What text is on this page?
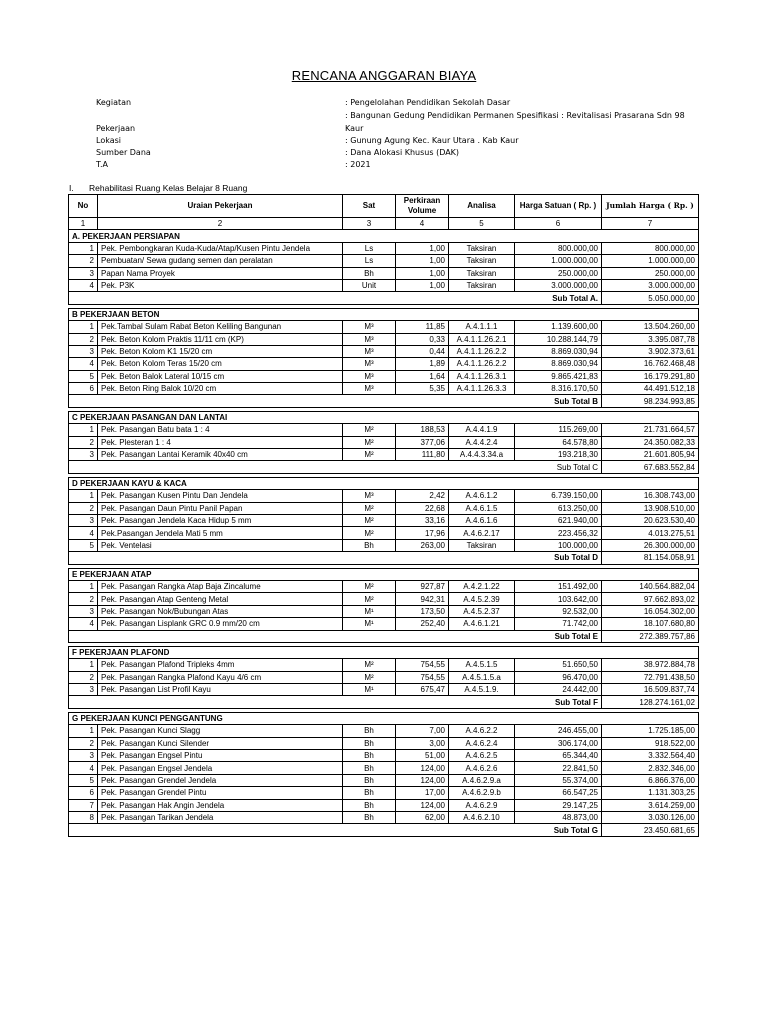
RENCANA ANGGARAN BIAYA
Kegiatan	: Pengelolahan Pendidikan Sekolah Dasar
: Bangunan Gedung Pendidikan Permanen Spesifikasi : Revitalisasi Prasarana Sdn 98
Pekerjaan	Kaur
Lokasi	: Gunung Agung Kec. Kaur Utara . Kab Kaur
Sumber Dana	: Dana Alokasi Khusus (DAK)
T.A	: 2021
I. Rehabilitasi Ruang Kelas Belajar 8 Ruang
No	Uraian Pekerjaan	Sat	Perkiraan Volume	Analisa	Harga Satuan ( Rp. )	Jumlah Harga ( Rp. )
1	2	3	4	5	6	7
A. PEKERJAAN PERSIAPAN						
1	Pek. Pembongkaran Kuda-Kuda/Atap/Kusen Pintu Jendela	Ls	1,00	Taksiran	800.000,00	800.000,00
2	Pembuatan/ Sewa gudang semen dan peralatan	Ls	1,00	Taksiran	1.000.000,00	1.000.000,00
3	Papan Nama Proyek	Bh	1,00	Taksiran	250.000,00	250.000,00
4	Pek. P3K	Unit	1,00	Taksiran	3.000.000,00	3.000.000,00
Sub Total A.						5.050.000,00

B PEKERJAAN BETON						
1	Pek.Tambal Sulam Rabat Beton Keliling Bangunan	M³	11,85	A.4.1.1.1	1.139.600,00	13.504.260,00
2	Pek. Beton Kolom Praktis 11/11 cm (KP)	M³	0,33	A.4.1.1.26.2.1	10.288.144,79	3.395.087,78
3	Pek. Beton Kolom K1 15/20 cm	M³	0,44	A.4.1.1.26.2.2	8.869.030,94	3.902.373,61
4	Pek. Beton Kolom Teras 15/20 cm	M³	1,89	A.4.1.1.26.2.2	8.869.030,94	16.762.468,48
5	Pek. Beton Balok Lateral 10/15 cm	M³	1,64	A.4.1.1.26.3.1	9.865.421,83	16.179.291,80
6	Pek. Beton Ring Balok 10/20 cm	M³	5,35	A.4.1.1.26.3.3	8.316.170,50	44.491.512,18
Sub Total B						98.234.993,85

C PEKERJAAN PASANGAN DAN LANTAI						
1	Pek. Pasangan Batu bata 1 : 4	M²	188,53	A.4.4.1.9	115.269,00	21.731.664,57
2	Pek. Plesteran 1 : 4	M²	377,06	A.4.4.2.4	64.578,80	24.350.082,33
3	Pek. Pasangan Lantai Keramik 40x40 cm	M²	111,80	A.4.4.3.34.a	193.218,30	21.601.805,94
Sub Total C						67.683.552,84

D PEKERJAAN KAYU & KACA						
1	Pek. Pasangan Kusen Pintu Dan Jendela	M³	2,42	A.4.6.1.2	6.739.150,00	16.308.743,00
2	Pek. Pasangan Daun Pintu Panil Papan	M²	22,68	A.4.6.1.5	613.250,00	13.908.510,00
3	Pek. Pasangan Jendela Kaca Hidup 5 mm	M²	33,16	A.4.6.1.6	621.940,00	20.623.530,40
4	Pek.Pasangan Jendela Mati 5 mm	M²	17,96	A.4.6.2.17	223.456,32	4.013.275,51
5	Pek. Ventelasi	Bh	263,00	Taksiran	100.000,00	26.300.000,00
Sub Total D						81.154.058,91

E PEKERJAAN ATAP						
1	Pek. Pasangan Rangka Atap Baja Zincalume	M²	927,87	A.4.2.1.22	151.492,00	140.564.882,04
2	Pek. Pasangan Atap Genteng Metal	M²	942,31	A.4.5.2.39	103.642,00	97.662.893,02
3	Pek. Pasangan Nok/Bubungan Atas	M¹	173,50	A.4.5.2.37	92.532,00	16.054.302,00
4	Pek. Pasangan Lisplank GRC 0.9 mm/20 cm	M¹	252,40	A.4.6.1.21	71.742,00	18.107.680,80
Sub Total E						272.389.757,86

F PEKERJAAN PLAFOND						
1	Pek. Pasangan Plafond Tripleks 4mm	M²	754,55	A.4.5.1.5	51.650,50	38.972.884,78
2	Pek. Pasangan Rangka Plafond Kayu 4/6 cm	M²	754,55	A.4.5.1.5.a	96.470,00	72.791.438,50
3	Pek. Pasangan List Profil Kayu	M¹	675,47	A.4.5.1.9.	24.442,00	16.509.837,74
Sub Total F						128.274.161,02

G PEKERJAAN KUNCI PENGGANTUNG						
1	Pek. Pasangan Kunci Slagg	Bh	7,00	A.4.6.2.2	246.455,00	1.725.185,00
2	Pek. Pasangan Kunci Silender	Bh	3,00	A.4.6.2.4	306.174,00	918.522,00
3	Pek. Pasangan Engsel Pintu	Bh	51,00	A.4.6.2.5	65.344,40	3.332.564,40
4	Pek. Pasangan Engsel Jendela	Bh	124,00	A.4.6.2.6	22.841,50	2.832.346,00
5	Pek. Pasangan Grendel Jendela	Bh	124,00	A.4.6.2.9.a	55.374,00	6.866.376,00
6	Pek. Pasangan Grendel Pintu	Bh	17,00	A.4.6.2.9.b	66.547,25	1.131.303,25
7	Pek. Pasangan Hak Angin Jendela	Bh	124,00	A.4.6.2.9	29.147,25	3.614.259,00
8	Pek. Pasangan Tarikan Jendela	Bh	62,00	A.4.6.2.10	48.873,00	3.030.126,00
Sub Total G						23.450.681,65
